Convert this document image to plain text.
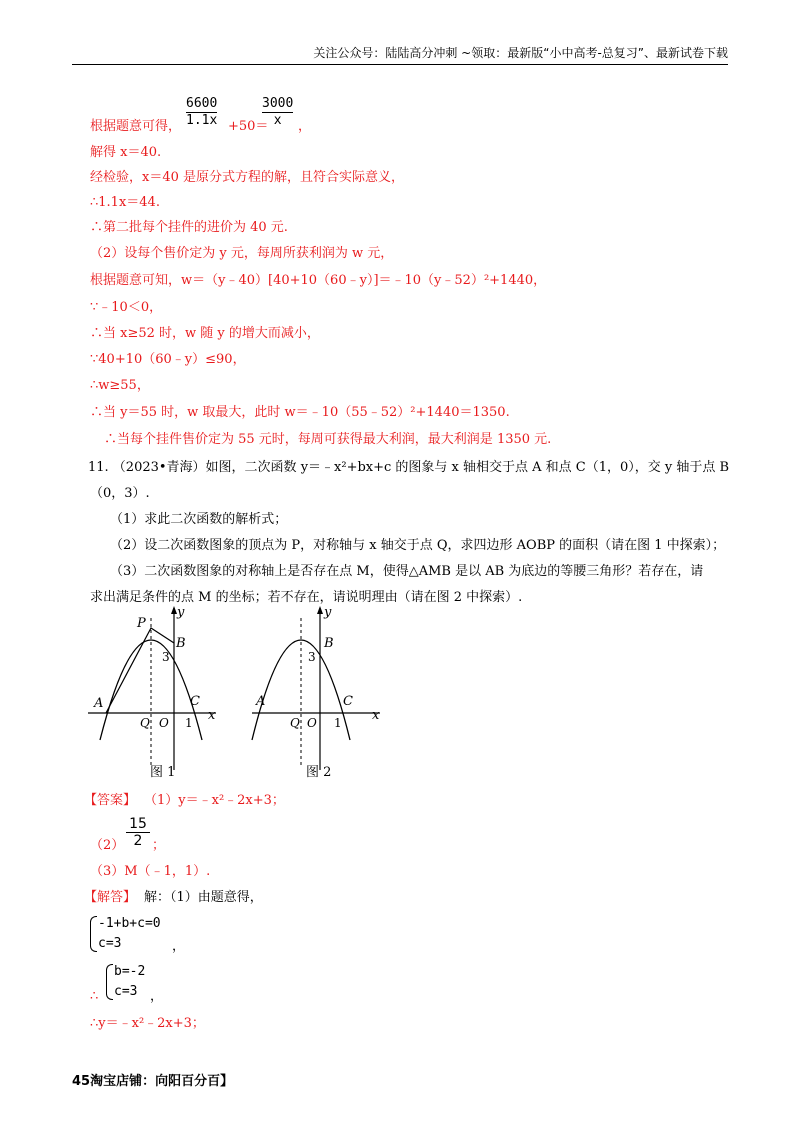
关注公众号：陆陆高分冲刺 ~领取：最新版“小中高考-总复习”、最新试卷下载
根据题意可得， $\frac{6600}{1.1x} +50=$
$\frac{3000}{x}$ ，
解得 x＝40.
经检验，x＝40 是原分式方程的解，且符合实际意义，
∴1.1x＝44.
∴第二批每个挂件的进价为 40 元.
（2）设每个售价定为 y 元，每周所获利润为 w 元，
根据题意可知，w＝（y﹣40）[40+10（60﹣y）]＝﹣10（y﹣52）²+1440，
∵﹣10＜0，
∴当 x≥52 时，w 随 y 的增大而减小，
∵40+10（60﹣y）≤90，
∴w≥55，
∴当 y＝55 时，w 取最大，此时 w＝﹣10（55﹣52）²+1440＝1350.
∴当每个挂件售价定为 55 元时，每周可获得最大利润，最大利润是 1350 元.
11. （2023•青海）如图，二次函数 y＝﹣x²+bx+c 的图象与 x 轴相交于点 A 和点 C（1，0），交 y 轴于点 B
（0，3）.
（1）求此二次函数的解析式；
（2）设二次函数图象的顶点为 P，对称轴与 x 轴交于点 Q，求四边形 AOBP 的面积（请在图 1 中探索）；
（3）二次函数图象的对称轴上是否存在点 M，使得△AMB 是以 AB 为底边的等腰三角形？若存在，请
求出满足条件的点 M 的坐标；若不存在，请说明理由（请在图 2 中探索）.
P
B
3
A	C
Q O 1 x
y
B
3
A	C
Q O 1 x
y
图 1	图 2
【答案】 （1）y＝﹣x²﹣2x+3；
$(2) \frac{15}{2}$ ；
（3）M（﹣1，1）.
【解答】 解：（1）由题意得，
-1+b+c=0
c=3	，
∴
b=-2
c=3 ，
∴y＝﹣x²﹣2x+3；
45淘宝店铺：向阳百分百】
